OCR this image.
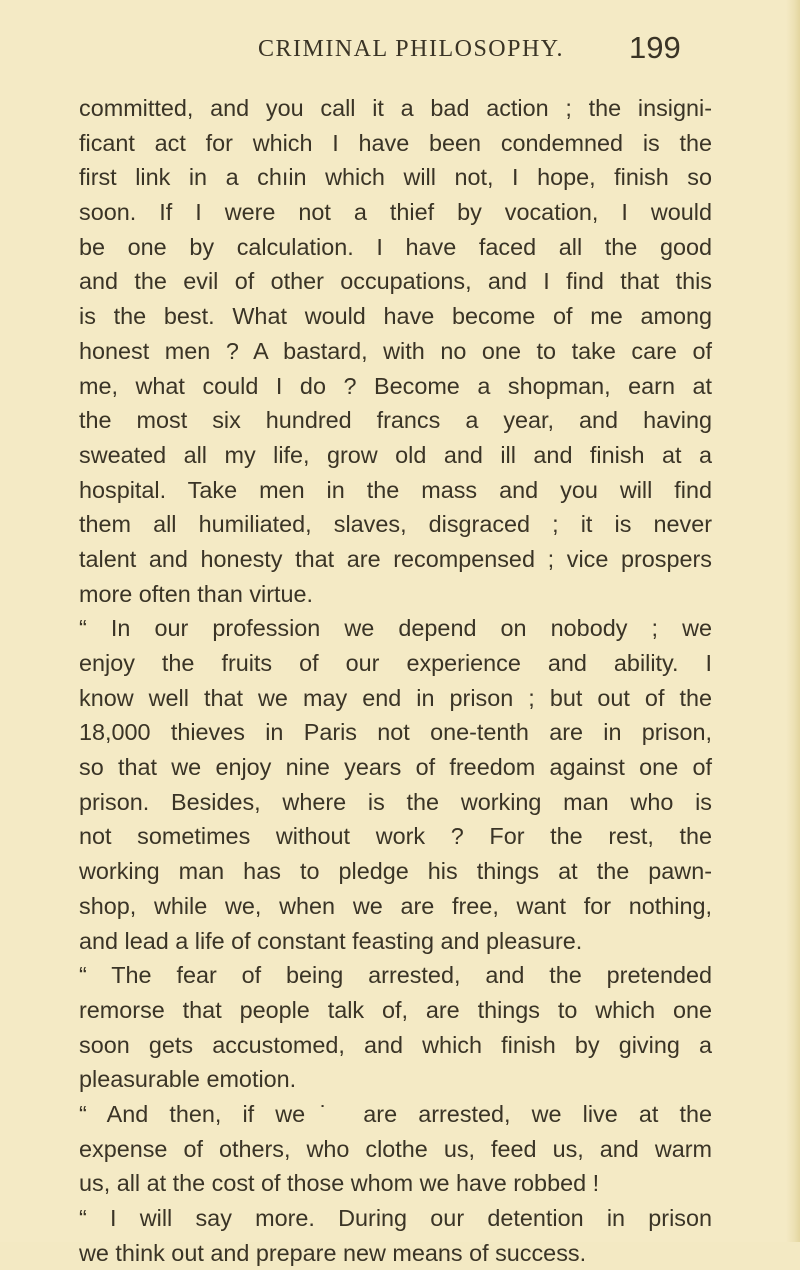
CRIMINAL PHILOSOPHY. 199
committed, and you call it a bad action ; the insigni-
ficant act for which I have been condemned is the
first link in a chıin which will not, I hope, finish so
soon. If I were not a thief by vocation, I would
be one by calculation. I have faced all the good
and the evil of other occupations, and I find that this
is the best. What would have become of me among
honest men ? A bastard, with no one to take care of
me, what could I do ? Become a shopman, earn at
the most six hundred francs a year, and having
sweated all my life, grow old and ill and finish at a
hospital. Take men in the mass and you will find
them all humiliated, slaves, disgraced ; it is never
talent and honesty that are recompensed ; vice prospers
more often than virtue.
“ In our profession we depend on nobody ; we
enjoy the fruits of our experience and ability. I
know well that we may end in prison ; but out of the
18,000 thieves in Paris not one-tenth are in prison,
so that we enjoy nine years of freedom against one of
prison. Besides, where is the working man who is
not sometimes without work ? For the rest, the
working man has to pledge his things at the pawn-
shop, while we, when we are free, want for nothing,
and lead a life of constant feasting and pleasure.
“ The fear of being arrested, and the pretended
remorse that people talk of, are things to which one
soon gets accustomed, and which finish by giving a
pleasurable emotion.
“ And then, if we˙ are arrested, we live at the
expense of others, who clothe us, feed us, and warm
us, all at the cost of those whom we have robbed !
“ I will say more. During our detention in prison
we think out and prepare new means of success.
